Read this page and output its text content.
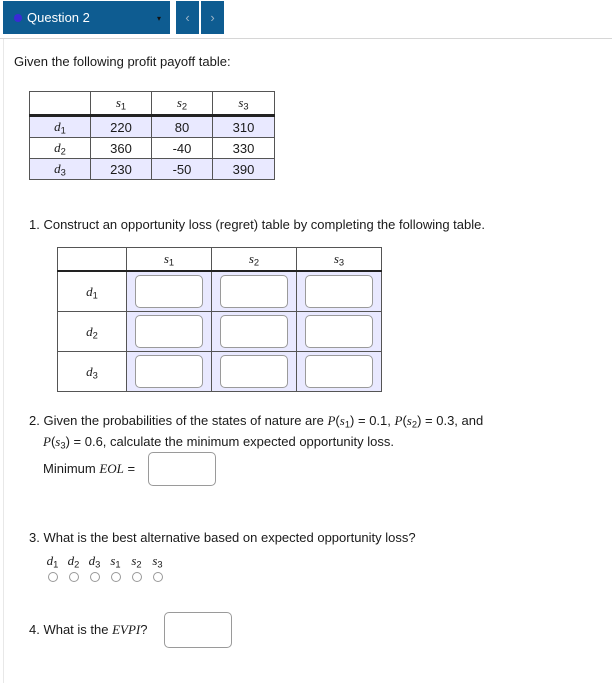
Question 2	▾ ‹ ›
Given the following profit payoff table:
	$s_1$	$s_2$	$s_3$
$d_1$	220	80	310
$d_2$	360	-40	330
$d_3$	230	-50	390
1. Construct an opportunity loss (regret) table by completing the following table.
	$s_1$	$s_2$	$s_3$
$d_1$	

$d_2$	

$d_3$	

2. Given the probabilities of the states of nature are $P(s_1) = 0.1$, $P(s_2) = 0.3$, and
$P(s_3) = 0.6$, calculate the minimum expected opportunity loss.
Minimum EOL =
3. What is the best alternative based on expected opportunity loss?
$d_1$ $d_2$ $d_3$ $s_1$ $s_2$ $s_3$
4. What is the EVPI?
